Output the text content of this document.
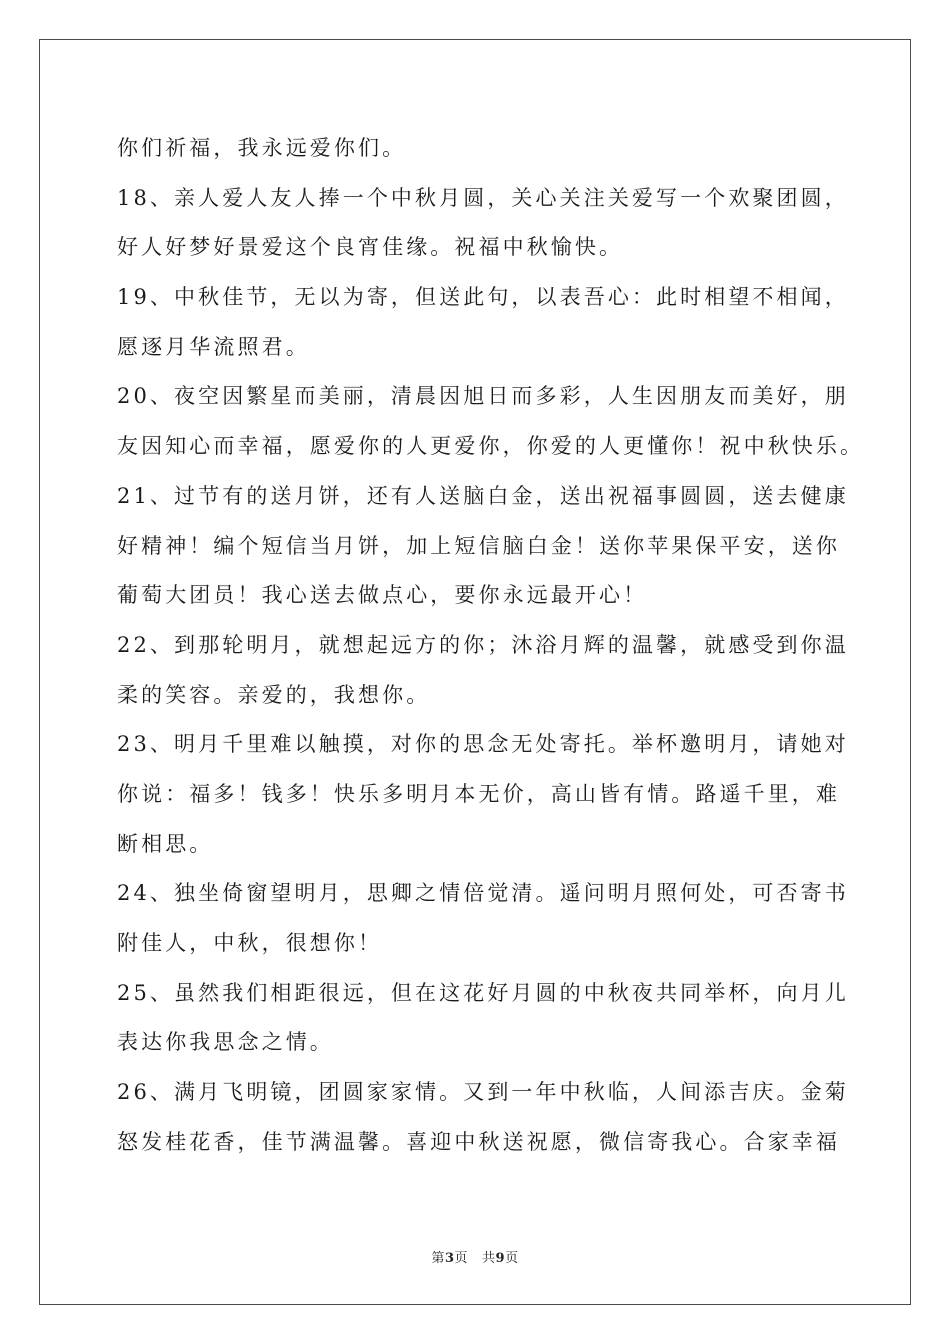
你们祈福，我永远爱你们。
18、亲人爱人友人捧一个中秋月圆，关心关注关爱写一个欢聚团圆，
好人好梦好景爱这个良宵佳缘。祝福中秋愉快。
19、中秋佳节，无以为寄，但送此句，以表吾心：此时相望不相闻，
愿逐月华流照君。
20、夜空因繁星而美丽，清晨因旭日而多彩，人生因朋友而美好，朋
友因知心而幸福，愿爱你的人更爱你，你爱的人更懂你！祝中秋快乐。
21、过节有的送月饼，还有人送脑白金，送出祝福事圆圆，送去健康
好精神！编个短信当月饼，加上短信脑白金！送你苹果保平安，送你
葡萄大团员！我心送去做点心，要你永远最开心！
22、到那轮明月，就想起远方的你；沐浴月辉的温馨，就感受到你温
柔的笑容。亲爱的，我想你。
23、明月千里难以触摸，对你的思念无处寄托。举杯邀明月，请她对
你说：福多！钱多！快乐多明月本无价，高山皆有情。路遥千里，难
断相思。
24、独坐倚窗望明月，思卿之情倍觉清。遥问明月照何处，可否寄书
附佳人，中秋，很想你！
25、虽然我们相距很远，但在这花好月圆的中秋夜共同举杯，向月儿
表达你我思念之情。
26、满月飞明镜，团圆家家情。又到一年中秋临，人间添吉庆。金菊
怒发桂花香，佳节满温馨。喜迎中秋送祝愿，微信寄我心。合家幸福
第3页 共9页
